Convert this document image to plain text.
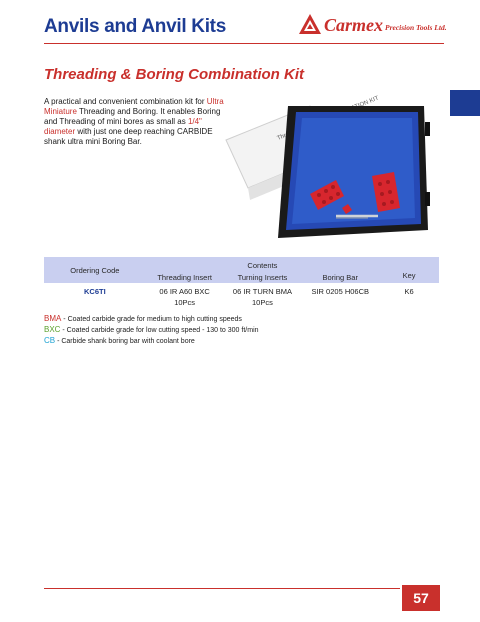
Anvils and Anvil Kits	Carmex Precision Tools Ltd.
Threading & Boring Combination Kit
A practical and convenient combination kit for Ultra Miniature Threading and Boring. It enables Boring and Threading of mini bores as small as 1/4" diameter with just one deep reaching CARBIDE shank ultra mini Boring Bar.
KIT
Ordering Code	Contents			Key
	Threading Insert	Turning Inserts	Boring Bar	
KC6TI	06 IR A60 BXC	06 IR TURN BMA	SIR 0205 H06CB	K6
	10Pcs	10Pcs		
BMA - Coated carbide grade for medium to high cutting speeds
BXC - Coated carbide grade for low cutting speed - 130 to 300 ft/min
CB - Carbide shank boring bar with coolant bore
57
